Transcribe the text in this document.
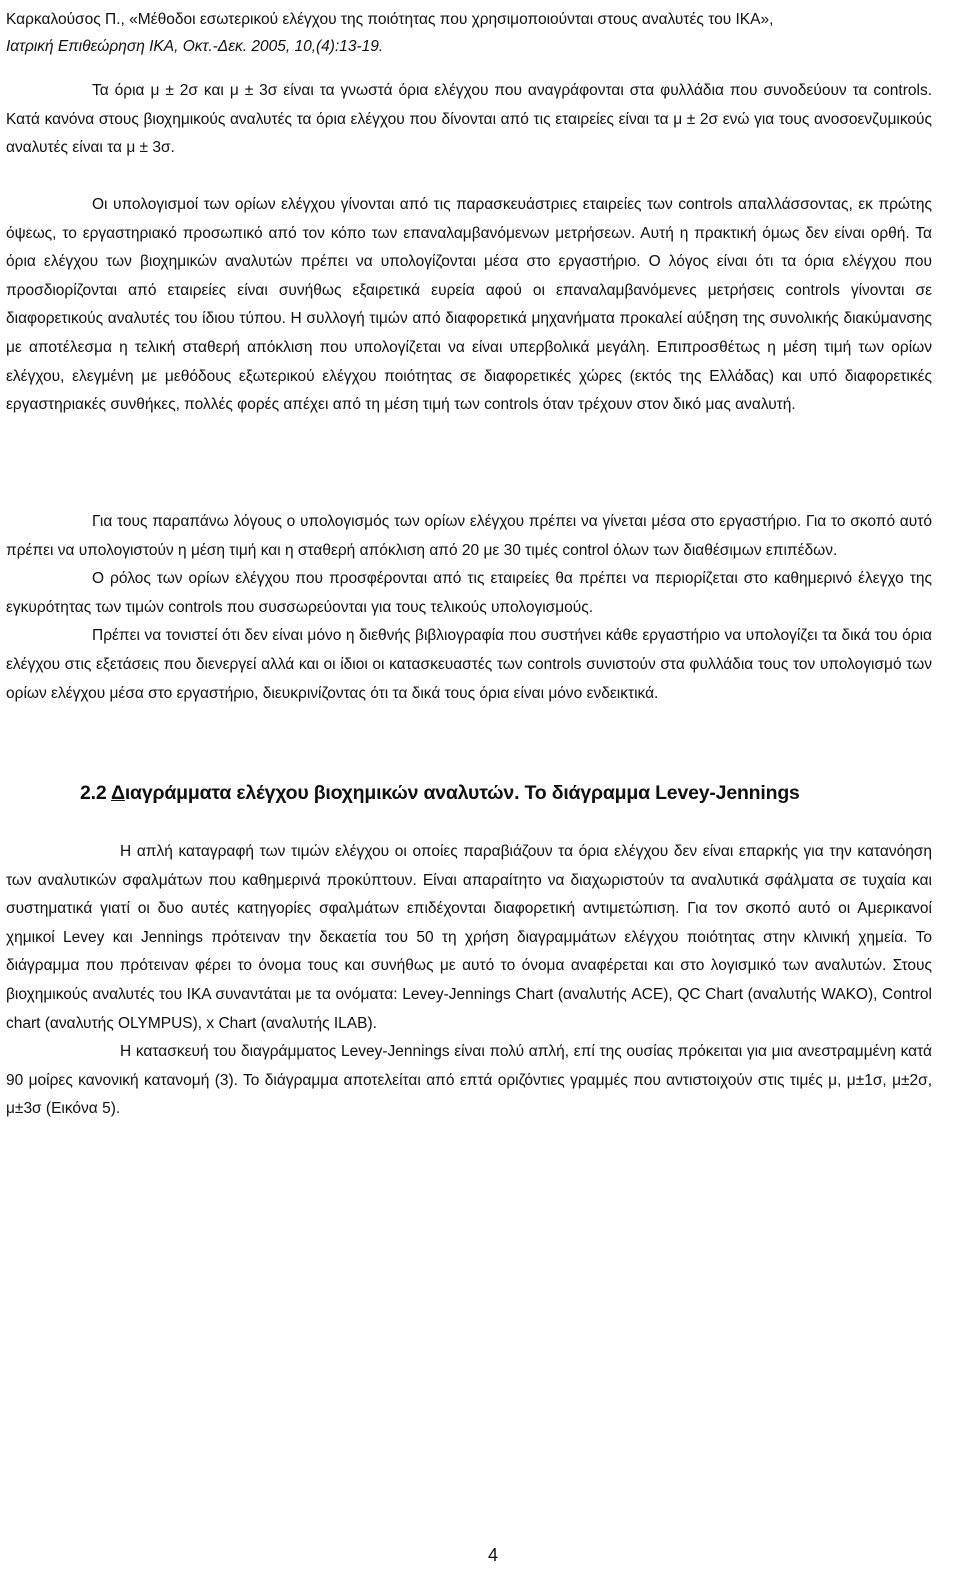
Καρκαλούσος Π., «Μέθοδοι εσωτερικού ελέγχου της ποιότητας που χρησιμοποιούνται στους αναλυτές του ΙΚΑ»,
Ιατρική Επιθεώρηση ΙΚΑ, Οκτ.-Δεκ. 2005, 10,(4):13-19.

Τα όρια μ ± 2σ και μ ± 3σ είναι τα γνωστά όρια ελέγχου που αναγράφονται στα φυλλάδια που συνοδεύουν τα controls. Κατά κανόνα στους βιοχημικούς αναλυτές τα όρια ελέγχου που δίνονται από τις εταιρείες είναι τα μ ± 2σ ενώ για τους ανοσοενζυμικούς αναλυτές είναι τα μ ± 3σ.

Οι υπολογισμοί των ορίων ελέγχου γίνονται από τις παρασκευάστριες εταιρείες των controls απαλλάσσοντας, εκ πρώτης όψεως, το εργαστηριακό προσωπικό από τον κόπο των επαναλαμβανόμενων μετρήσεων. Αυτή η πρακτική όμως δεν είναι ορθή. Τα όρια ελέγχου των βιοχημικών αναλυτών πρέπει να υπολογίζονται μέσα στο εργαστήριο. Ο λόγος είναι ότι τα όρια ελέγχου που προσδιορίζονται από εταιρείες είναι συνήθως εξαιρετικά ευρεία αφού οι επαναλαμβανόμενες μετρήσεις controls γίνονται σε διαφορετικούς αναλυτές του ίδιου τύπου. Η συλλογή τιμών από διαφορετικά μηχανήματα προκαλεί αύξηση της συνολικής διακύμανσης με αποτέλεσμα η τελική σταθερή απόκλιση που υπολογίζεται να είναι υπερβολικά μεγάλη. Επιπροσθέτως η μέση τιμή των ορίων ελέγχου, ελεγμένη με μεθόδους εξωτερικού ελέγχου ποιότητας σε διαφορετικές χώρες (εκτός της Ελλάδας) και υπό διαφορετικές εργαστηριακές συνθήκες, πολλές φορές απέχει από τη μέση τιμή των controls όταν τρέχουν στον δικό μας αναλυτή.

Για τους παραπάνω λόγους ο υπολογισμός των ορίων ελέγχου πρέπει να γίνεται μέσα στο εργαστήριο. Για το σκοπό αυτό πρέπει να υπολογιστούν η μέση τιμή και η σταθερή απόκλιση από 20 με 30 τιμές control όλων των διαθέσιμων επιπέδων.

Ο ρόλος των ορίων ελέγχου που προσφέρονται από τις εταιρείες θα πρέπει να περιορίζεται στο καθημερινό έλεγχο της εγκυρότητας των τιμών controls που συσσωρεύονται για τους τελικούς υπολογισμούς.

Πρέπει να τονιστεί ότι δεν είναι μόνο η διεθνής βιβλιογραφία που συστήνει κάθε εργαστήριο να υπολογίζει τα δικά του όρια ελέγχου στις εξετάσεις που διενεργεί αλλά και οι ίδιοι οι κατασκευαστές των controls συνιστούν στα φυλλάδια τους τον υπολογισμό των ορίων ελέγχου μέσα στο εργαστήριο, διευκρινίζοντας ότι τα δικά τους όρια είναι μόνο ενδεικτικά.

2.2 Διαγράμματα ελέγχου βιοχημικών αναλυτών. Το διάγραμμα Levey-Jennings

Η απλή καταγραφή των τιμών ελέγχου οι οποίες παραβιάζουν τα όρια ελέγχου δεν είναι επαρκής για την κατανόηση των αναλυτικών σφαλμάτων που καθημερινά προκύπτουν. Είναι απαραίτητο να διαχωριστούν τα αναλυτικά σφάλματα σε τυχαία και συστηματικά γιατί οι δυο αυτές κατηγορίες σφαλμάτων επιδέχονται διαφορετική αντιμετώπιση. Για τον σκοπό αυτό οι Αμερικανοί χημικοί Levey και Jennings πρότειναν την δεκαετία του 50 τη χρήση διαγραμμάτων ελέγχου ποιότητας στην κλινική χημεία. Το διάγραμμα που πρότειναν φέρει το όνομα τους και συνήθως με αυτό το όνομα αναφέρεται και στο λογισμικό των αναλυτών. Στους βιοχημικούς αναλυτές του ΙΚΑ συναντάται με τα ονόματα: Levey-Jennings Chart (αναλυτής ACE), QC Chart (αναλυτής WAKO), Control chart (αναλυτής OLYMPUS), x Chart (αναλυτής ILAB).

Η κατασκευή του διαγράμματος Levey-Jennings είναι πολύ απλή, επί της ουσίας πρόκειται για μια ανεστραμμένη κατά 90 μοίρες κανονική κατανομή (3). Το διάγραμμα αποτελείται από επτά οριζόντιες γραμμές που αντιστοιχούν στις τιμές μ, μ±1σ, μ±2σ, μ±3σ (Εικόνα 5).

4
